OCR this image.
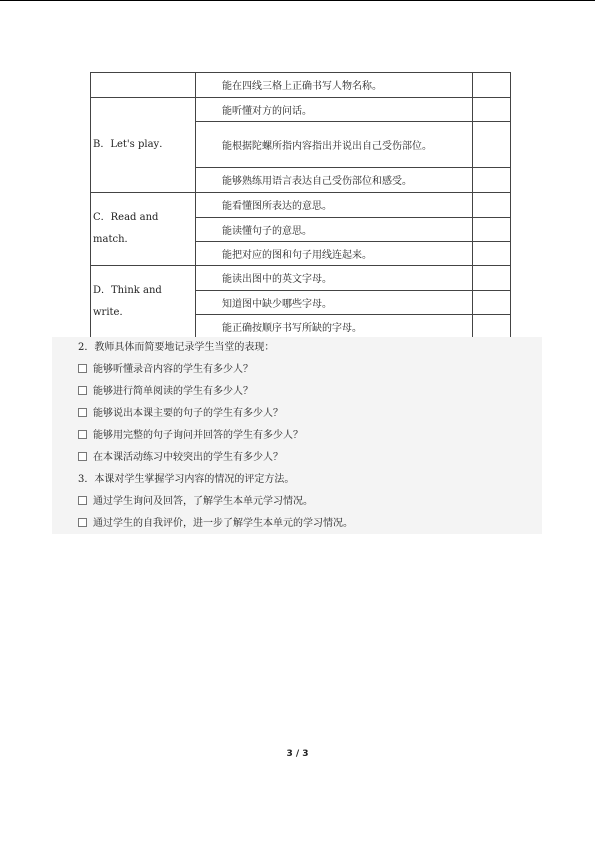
	能在四线三格上正确书写人物名称。	

B．Let's play．	能听懂对方的问话。	

	能根据陀螺所指内容指出并说出自己受伤部位。	

	能够熟练用语言表达自己受伤部位和感受。	

C．Read and match．	能看懂图所表达的意思。	

	能读懂句子的意思。	

	能把对应的图和句子用线连起来。	

D．Think and write．	能读出图中的英文字母。	

	知道图中缺少哪些字母。	

	能正确按顺序书写所缺的字母。	

2．教师具体而简要地记录学生当堂的表现：
能够听懂录音内容的学生有多少人？
能够进行简单阅读的学生有多少人？
能够说出本课主要的句子的学生有多少人？
能够用完整的句子询问并回答的学生有多少人？
在本课活动练习中较突出的学生有多少人？
3．本课对学生掌握学习内容的情况的评定方法。
通过学生询问及回答，了解学生本单元学习情况。
通过学生的自我评价，进一步了解学生本单元的学习情况。
3 / 3
